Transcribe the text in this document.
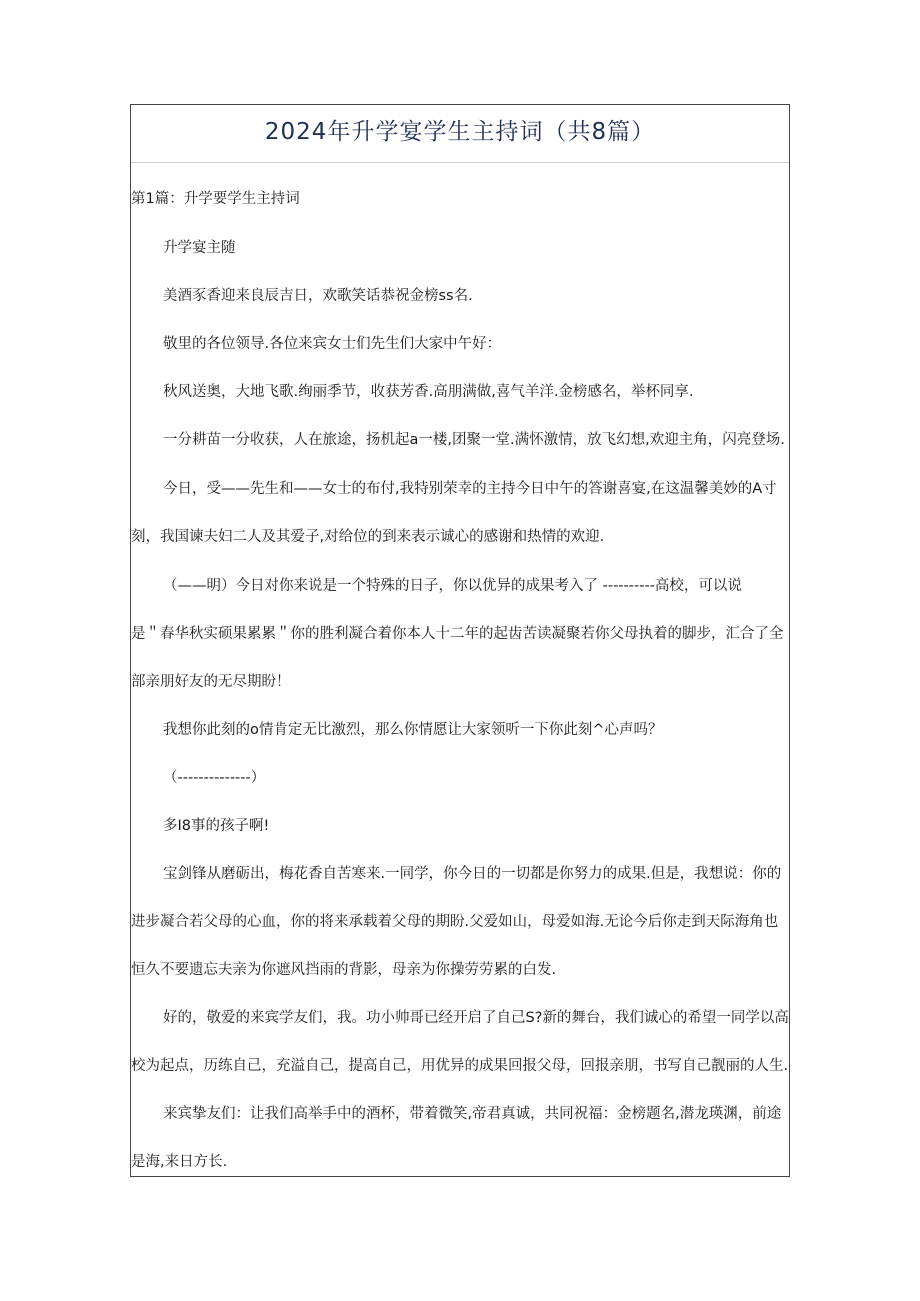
2024年升学宴学生主持词（共8篇）
第1篇：升学要学生主持词
升学宴主随
美酒豕香迎来良辰吉日，欢歌笑话恭祝金榜ss名.
敬里的各位领导.各位来宾女士们先生们大家中午好：
秋风送奥，大地飞歌.绚丽季节，收获芳香.高朋满做,喜气羊洋.金榜感名，举杯同享.
一分耕苗一分收获，人在旅途，扬机起a一楼,团聚一堂.满怀激情，放飞幻想,欢迎主角，闪亮登场.
今日，受——先生和——女士的布付,我特别荣幸的主持今日中午的答谢喜宴,在这温馨美妙的A寸
刻，我国谏夫妇二人及其爱子,对给位的到来表示诚心的感谢和热情的欢迎.
（——明）今日对你来说是一个特殊的日子，你以优异的成果考入了 ----------高校，可以说
是＂春华秋实硕果累累＂你的胜利凝合着你本人十二年的起齿苦读凝聚若你父母执着的脚步，汇合了全
部亲朋好友的无尽期盼！
我想你此刻的o情肯定无比激烈，那么你情愿让大家领听一下你此刻^心声吗？
（--------------）
多I8事的孩子啊!
宝剑锋从磨砺出，梅花香自苦寒来.一同学，你今日的一切都是你努力的成果.但是，我想说：你的
进步凝合若父母的心血，你的将来承载着父母的期盼.父爱如山，母爱如海.无论今后你走到天际海角也
恒久不要遗忘夫亲为你遮风挡雨的背影，母亲为你操劳劳累的白发.
好的，敬爱的来宾学友们，我。功小帅哥已经开启了自己S?新的舞台，我们诚心的希望一同学以高
校为起点，历练自己，充溢自己，提高自己，用优异的成果回报父母，回报亲朋，书写自己靓丽的人生.
来宾挚友们：让我们高举手中的酒杯，带着微笑,帝君真诚，共同祝福：金榜题名,潜龙瑛渊，前途
是海,来日方长.
